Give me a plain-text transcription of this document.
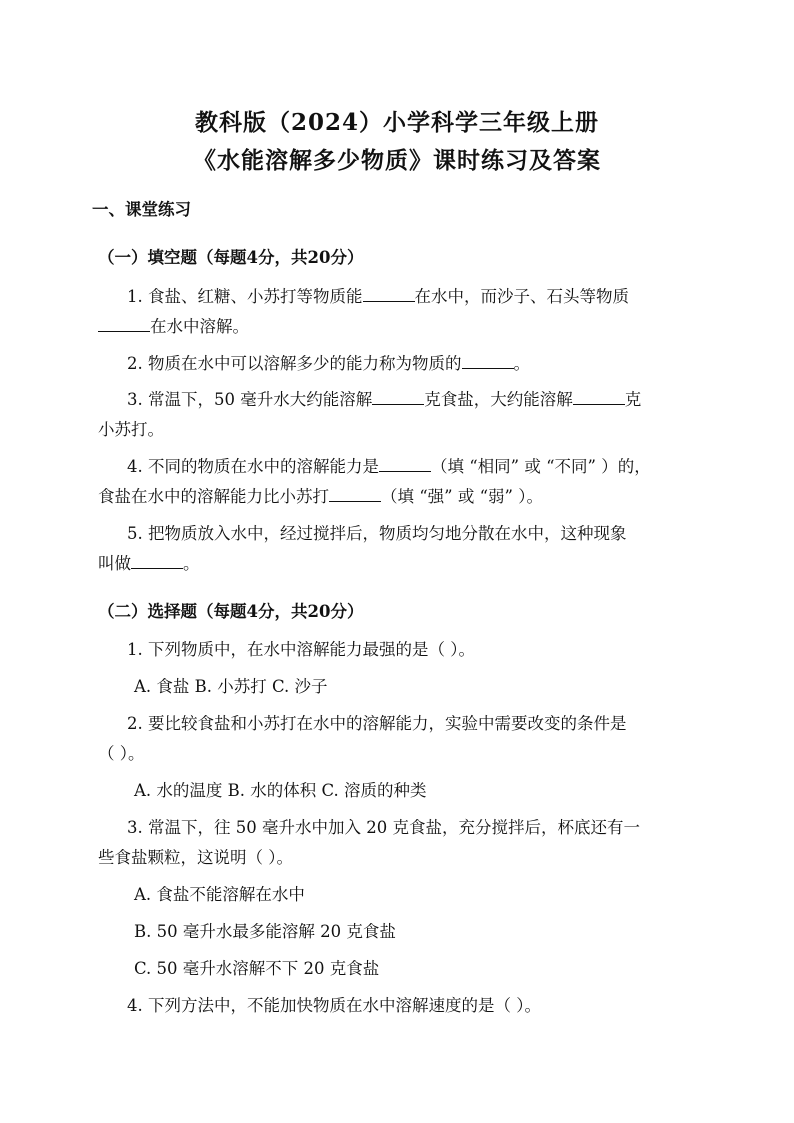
教科版（2024）小学科学三年级上册
《水能溶解多少物质》课时练习及答案
一、课堂练习
（一）填空题（每题4分，共20分）
1. 食盐、红糖、小苏打等物质能	在水中，而沙子、石头等物质
在水中溶解。
2. 物质在水中可以溶解多少的能力称为物质的	。
3. 常温下，50 毫升水大约能溶解	克食盐，大约能溶解	克
小苏打。
4. 不同的物质在水中的溶解能力是	（填 “相同” 或 “不同” ）的，
食盐在水中的溶解能力比小苏打	（填 “强” 或 “弱” ）。
5. 把物质放入水中，经过搅拌后，物质均匀地分散在水中，这种现象
叫做	。
（二）选择题（每题4分，共20分）
1. 下列物质中，在水中溶解能力最强的是（ ）。
A. 食盐 B. 小苏打 C. 沙子
2. 要比较食盐和小苏打在水中的溶解能力，实验中需要改变的条件是
（ ）。
A. 水的温度 B. 水的体积 C. 溶质的种类
3. 常温下，往 50 毫升水中加入 20 克食盐，充分搅拌后，杯底还有一
些食盐颗粒，这说明（ ）。
A. 食盐不能溶解在水中
B. 50 毫升水最多能溶解 20 克食盐
C. 50 毫升水溶解不下 20 克食盐
4. 下列方法中，不能加快物质在水中溶解速度的是（ ）。
